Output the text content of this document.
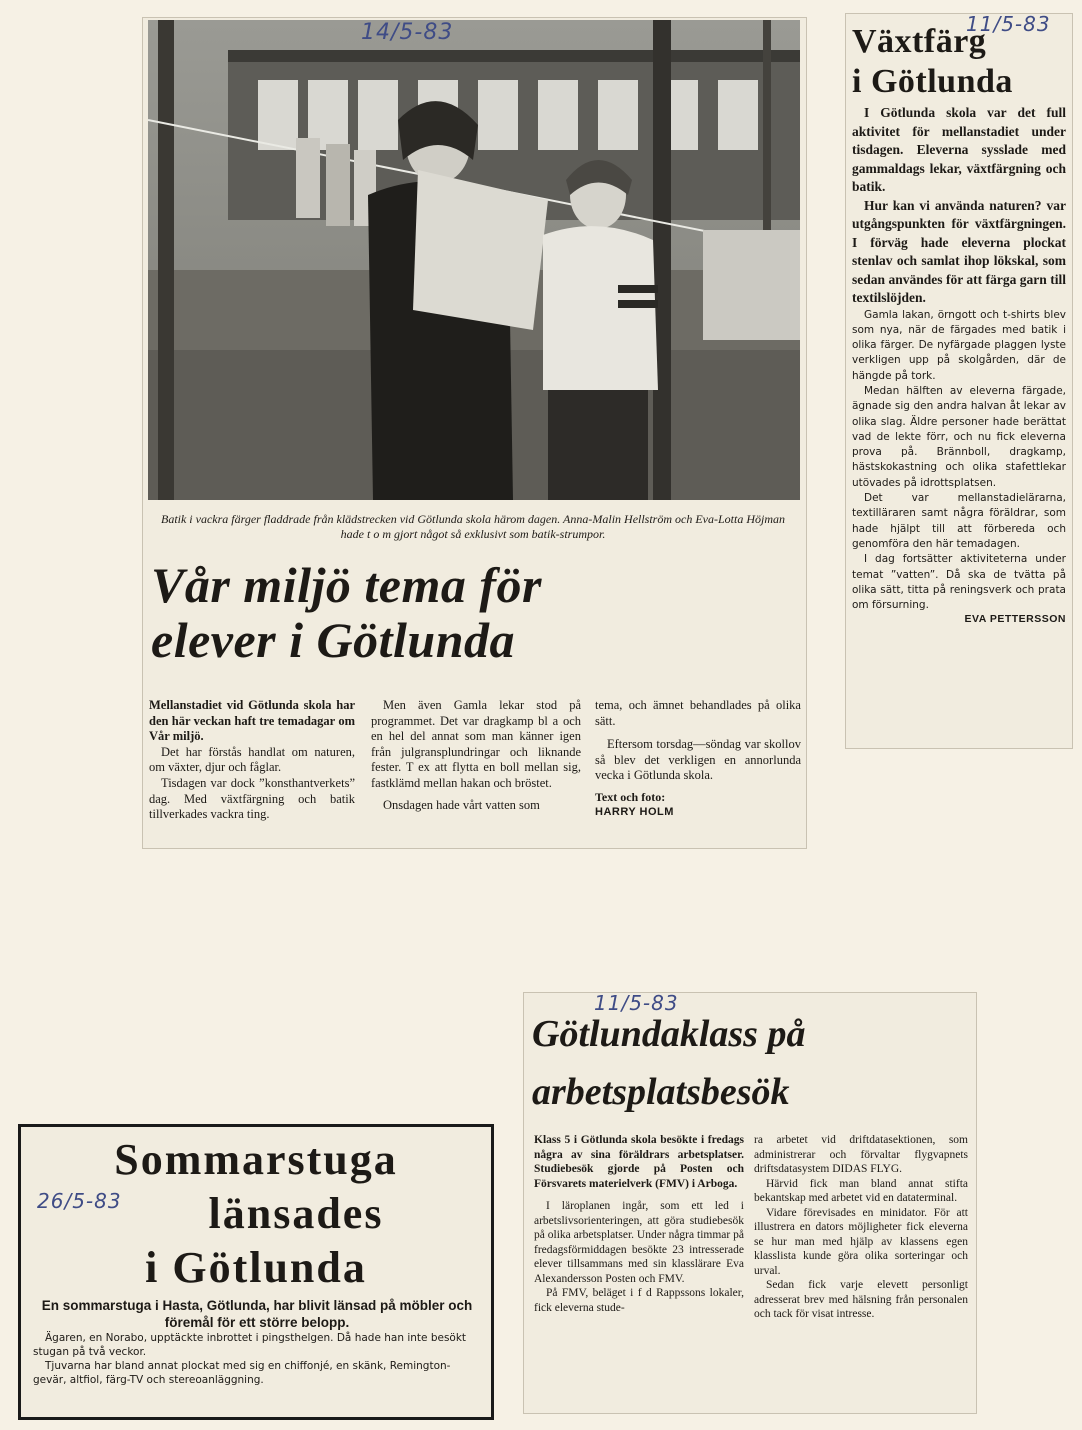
14/5-83

Batik i vackra färger fladdrade från klädstrecken vid Götlunda skola härom dagen. Anna-Malin Hellström och Eva-Lotta Höjman hade t o m gjort något så exklusivt som batik-strumpor.

Vår miljö tema för
elever i Götlunda

Mellanstadiet vid Götlunda skola har den här veckan haft tre temadagar om Vår miljö.

Det har förstås handlat om naturen, om växter, djur och fåglar.

Tisdagen var dock ”konsthantverkets” dag. Med växtfärgning och batik tillverkades vackra ting.

Men även Gamla lekar stod på programmet. Det var dragkamp bl a och en hel del annat som man känner igen från julgransplundringar och liknande fester. T ex att flytta en boll mellan sig, fastklämd mellan hakan och bröstet.

Onsdagen hade vårt vatten som

tema, och ämnet behandlades på olika sätt.

Eftersom torsdag—söndag var skollov så blev det verkligen en annorlunda vecka i Götlunda skola.

Text och foto:
HARRY HOLM
11/5-83
Växtfärg
i Götlunda

I Götlunda skola var det full aktivitet för mellanstadiet under tisdagen. Eleverna sysslade med gammaldags lekar, växtfärgning och batik.

Hur kan vi använda naturen? var utgångspunkten för växtfärgningen. I förväg hade eleverna plockat stenlav och samlat ihop lökskal, som sedan användes för att färga garn till textilslöjden.

Gamla lakan, örngott och t-shirts blev som nya, när de färgades med batik i olika färger. De nyfärgade plaggen lyste verkligen upp på skolgården, där de hängde på tork.

Medan hälften av eleverna färgade, ägnade sig den andra halvan åt lekar av olika slag. Äldre personer hade berättat vad de lekte förr, och nu fick eleverna prova på. Brännboll, dragkamp, hästskokastning och olika stafettlekar utövades på idrottsplatsen.

Det var mellanstadielärarna, textilläraren samt några föräldrar, som hade hjälpt till att förbereda och genomföra den här temadagen.

I dag fortsätter aktiviteterna under temat ”vatten”. Då ska de tvätta på olika sätt, titta på reningsverk och prata om försurning.

EVA PETTERSSON
11/5-83
Götlundaklass på
arbetsplatsbesök

Klass 5 i Götlunda skola besökte i fredags några av sina föräldrars arbetsplatser. Studiebesök gjorde på Posten och Försvarets materielverk (FMV) i Arboga.

I läroplanen ingår, som ett led i arbetslivsorienteringen, att göra studiebesök på olika arbetsplatser. Under några timmar på fredagsförmiddagen besökte 23 intresserade elever tillsammans med sin klasslärare Eva Alexandersson Posten och FMV.

På FMV, beläget i f d Rappssons lokaler, fick eleverna stude-

ra arbetet vid driftdatasektionen, som administrerar och förvaltar flygvapnets driftsdatasystem DIDAS FLYG.

Härvid fick man bland annat stifta bekantskap med arbetet vid en dataterminal.

Vidare förevisades en minidator. För att illustrera en dators möjligheter fick eleverna se hur man med hjälp av klassens egen klasslista kunde göra olika sorteringar och urval.

Sedan fick varje elevett personligt adresserat brev med hälsning från personalen och tack för visat intresse.

Sommarstuga
länsades
i Götlunda
26/5-83

En sommarstuga i Hasta, Götlunda, har blivit länsad på möbler och föremål för ett större belopp.

Ägaren, en Norabo, upptäckte inbrottet i pingsthelgen. Då hade han inte besökt stugan på två veckor.

Tjuvarna har bland annat plockat med sig en chiffonjé, en skänk, Remington-gevär, altfiol, färg-TV och stereoanläggning.
